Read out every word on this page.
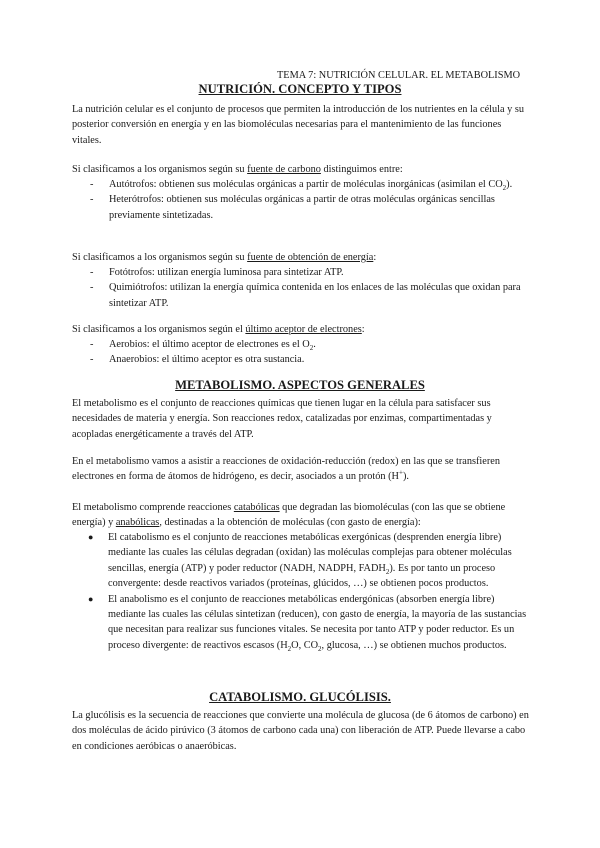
TEMA 7: NUTRICIÓN CELULAR. EL METABOLISMO
NUTRICIÓN. CONCEPTO Y TIPOS
La nutrición celular es el conjunto de procesos que permiten la introducción de los nutrientes en la célula y su posterior conversión en energía y en las biomoléculas necesarias para el mantenimiento de las funciones vitales.
Si clasificamos a los organismos según su fuente de carbono distinguimos entre:
- Autótrofos: obtienen sus moléculas orgánicas a partir de moléculas inorgánicas (asimilan el $CO_2$).
- Heterótrofos: obtienen sus moléculas orgánicas a partir de otras moléculas orgánicas sencillas previamente sintetizadas.
Si clasificamos a los organismos según su fuente de obtención de energía:
- Fotótrofos: utilizan energía luminosa para sintetizar ATP.
- Quimiótrofos: utilizan la energía química contenida en los enlaces de las moléculas que oxidan para sintetizar ATP.
Si clasificamos a los organismos según el último aceptor de electrones:
- Aerobios: el último aceptor de electrones es el $O_2$.
- Anaerobios: el último aceptor es otra sustancia.
METABOLISMO. ASPECTOS GENERALES
El metabolismo es el conjunto de reacciones químicas que tienen lugar en la célula para satisfacer sus necesidades de materia y energía. Son reacciones redox, catalizadas por enzimas, compartimentadas y acopladas energéticamente a través del ATP.
En el metabolismo vamos a asistir a reacciones de oxidación-reducción (redox) en las que se transfieren electrones en forma de átomos de hidrógeno, es decir, asociados a un protón (H+).
El metabolismo comprende reacciones catabólicas que degradan las biomoléculas (con las que se obtiene energía) y anabólicas, destinadas a la obtención de moléculas (con gasto de energía):
● El catabolismo es el conjunto de reacciones metabólicas exergónicas (desprenden energía libre) mediante las cuales las células degradan (oxidan) las moléculas complejas para obtener moléculas sencillas, energía (ATP) y poder reductor (NADH, NADPH, $FADH_2$). Es por tanto un proceso convergente: desde reactivos variados (proteínas, glúcidos, …) se obtienen pocos productos.
● El anabolismo es el conjunto de reacciones metabólicas endergónicas (absorben energía libre) mediante las cuales las células sintetizan (reducen), con gasto de energía, la mayoría de las sustancias que necesitan para realizar sus funciones vitales. Se necesita por tanto ATP y poder reductor. Es un proceso divergente: de reactivos escasos ($H_2O$, $CO_2$, glucosa, …) se obtienen muchos productos.
CATABOLISMO. GLUCÓLISIS.
La glucólisis es la secuencia de reacciones que convierte una molécula de glucosa (de 6 átomos de carbono) en dos moléculas de ácido pirúvico (3 átomos de carbono cada una) con liberación de ATP. Puede llevarse a cabo en condiciones aeróbicas o anaeróbicas.
